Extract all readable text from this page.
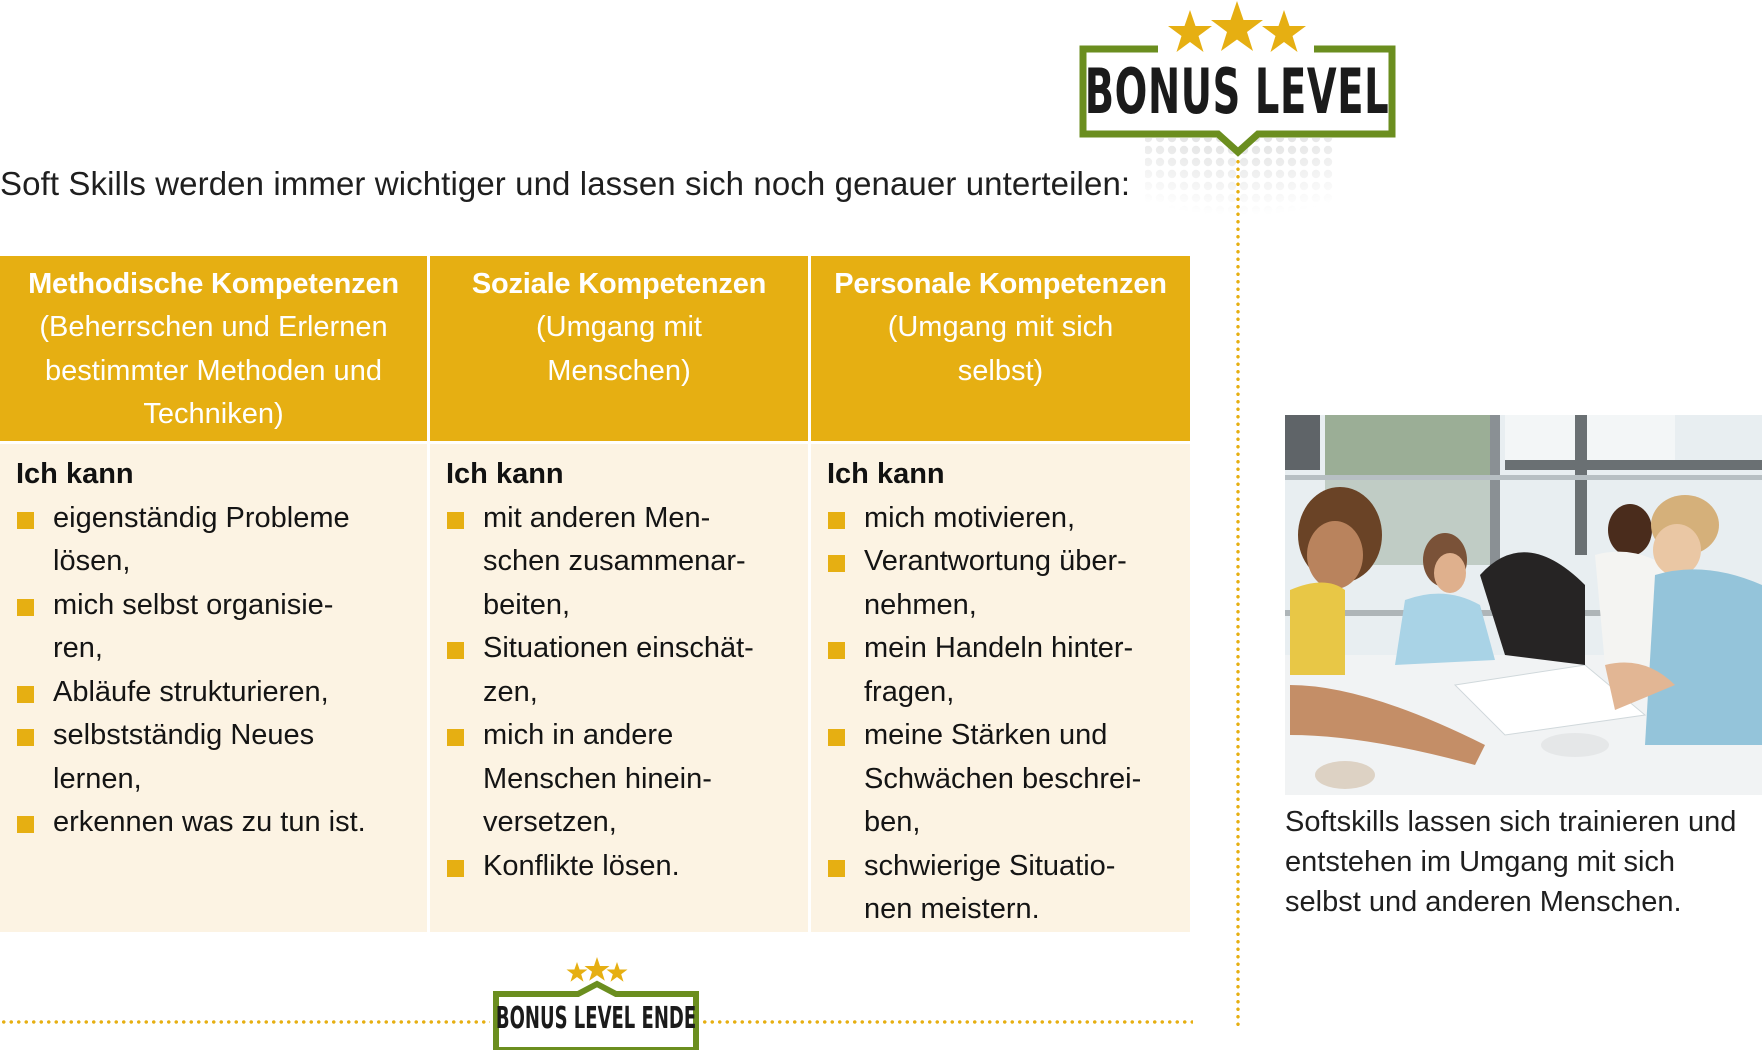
BONUS LEVEL
Soft Skills werden immer wichtiger und lassen sich noch genauer unterteilen:
Methodische Kompetenzen
(Beherrschen und Erlernen
bestimmter Methoden und
Techniken)
Ich kann
eigenständig Probleme
lösen,
mich selbst organisie-
ren,
Abläufe strukturieren,
selbstständig Neues
lernen,
erkennen was zu tun ist.
Soziale Kompetenzen
(Umgang mit
Menschen)
Ich kann
mit anderen Men-
schen zusammenar-
beiten,
Situationen einschät-
zen,
mich in andere
Menschen hinein-
versetzen,
Konflikte lösen.
Personale Kompetenzen
(Umgang mit sich
selbst)
Ich kann
mich motivieren,
Verantwortung über-
nehmen,
mein Handeln hinter-
fragen,
meine Stärken und
Schwächen beschrei-
ben,
schwierige Situatio-
nen meistern.
Softskills lassen sich trainieren und
entstehen im Umgang mit sich
selbst und anderen Menschen.
BONUS LEVEL ENDE
